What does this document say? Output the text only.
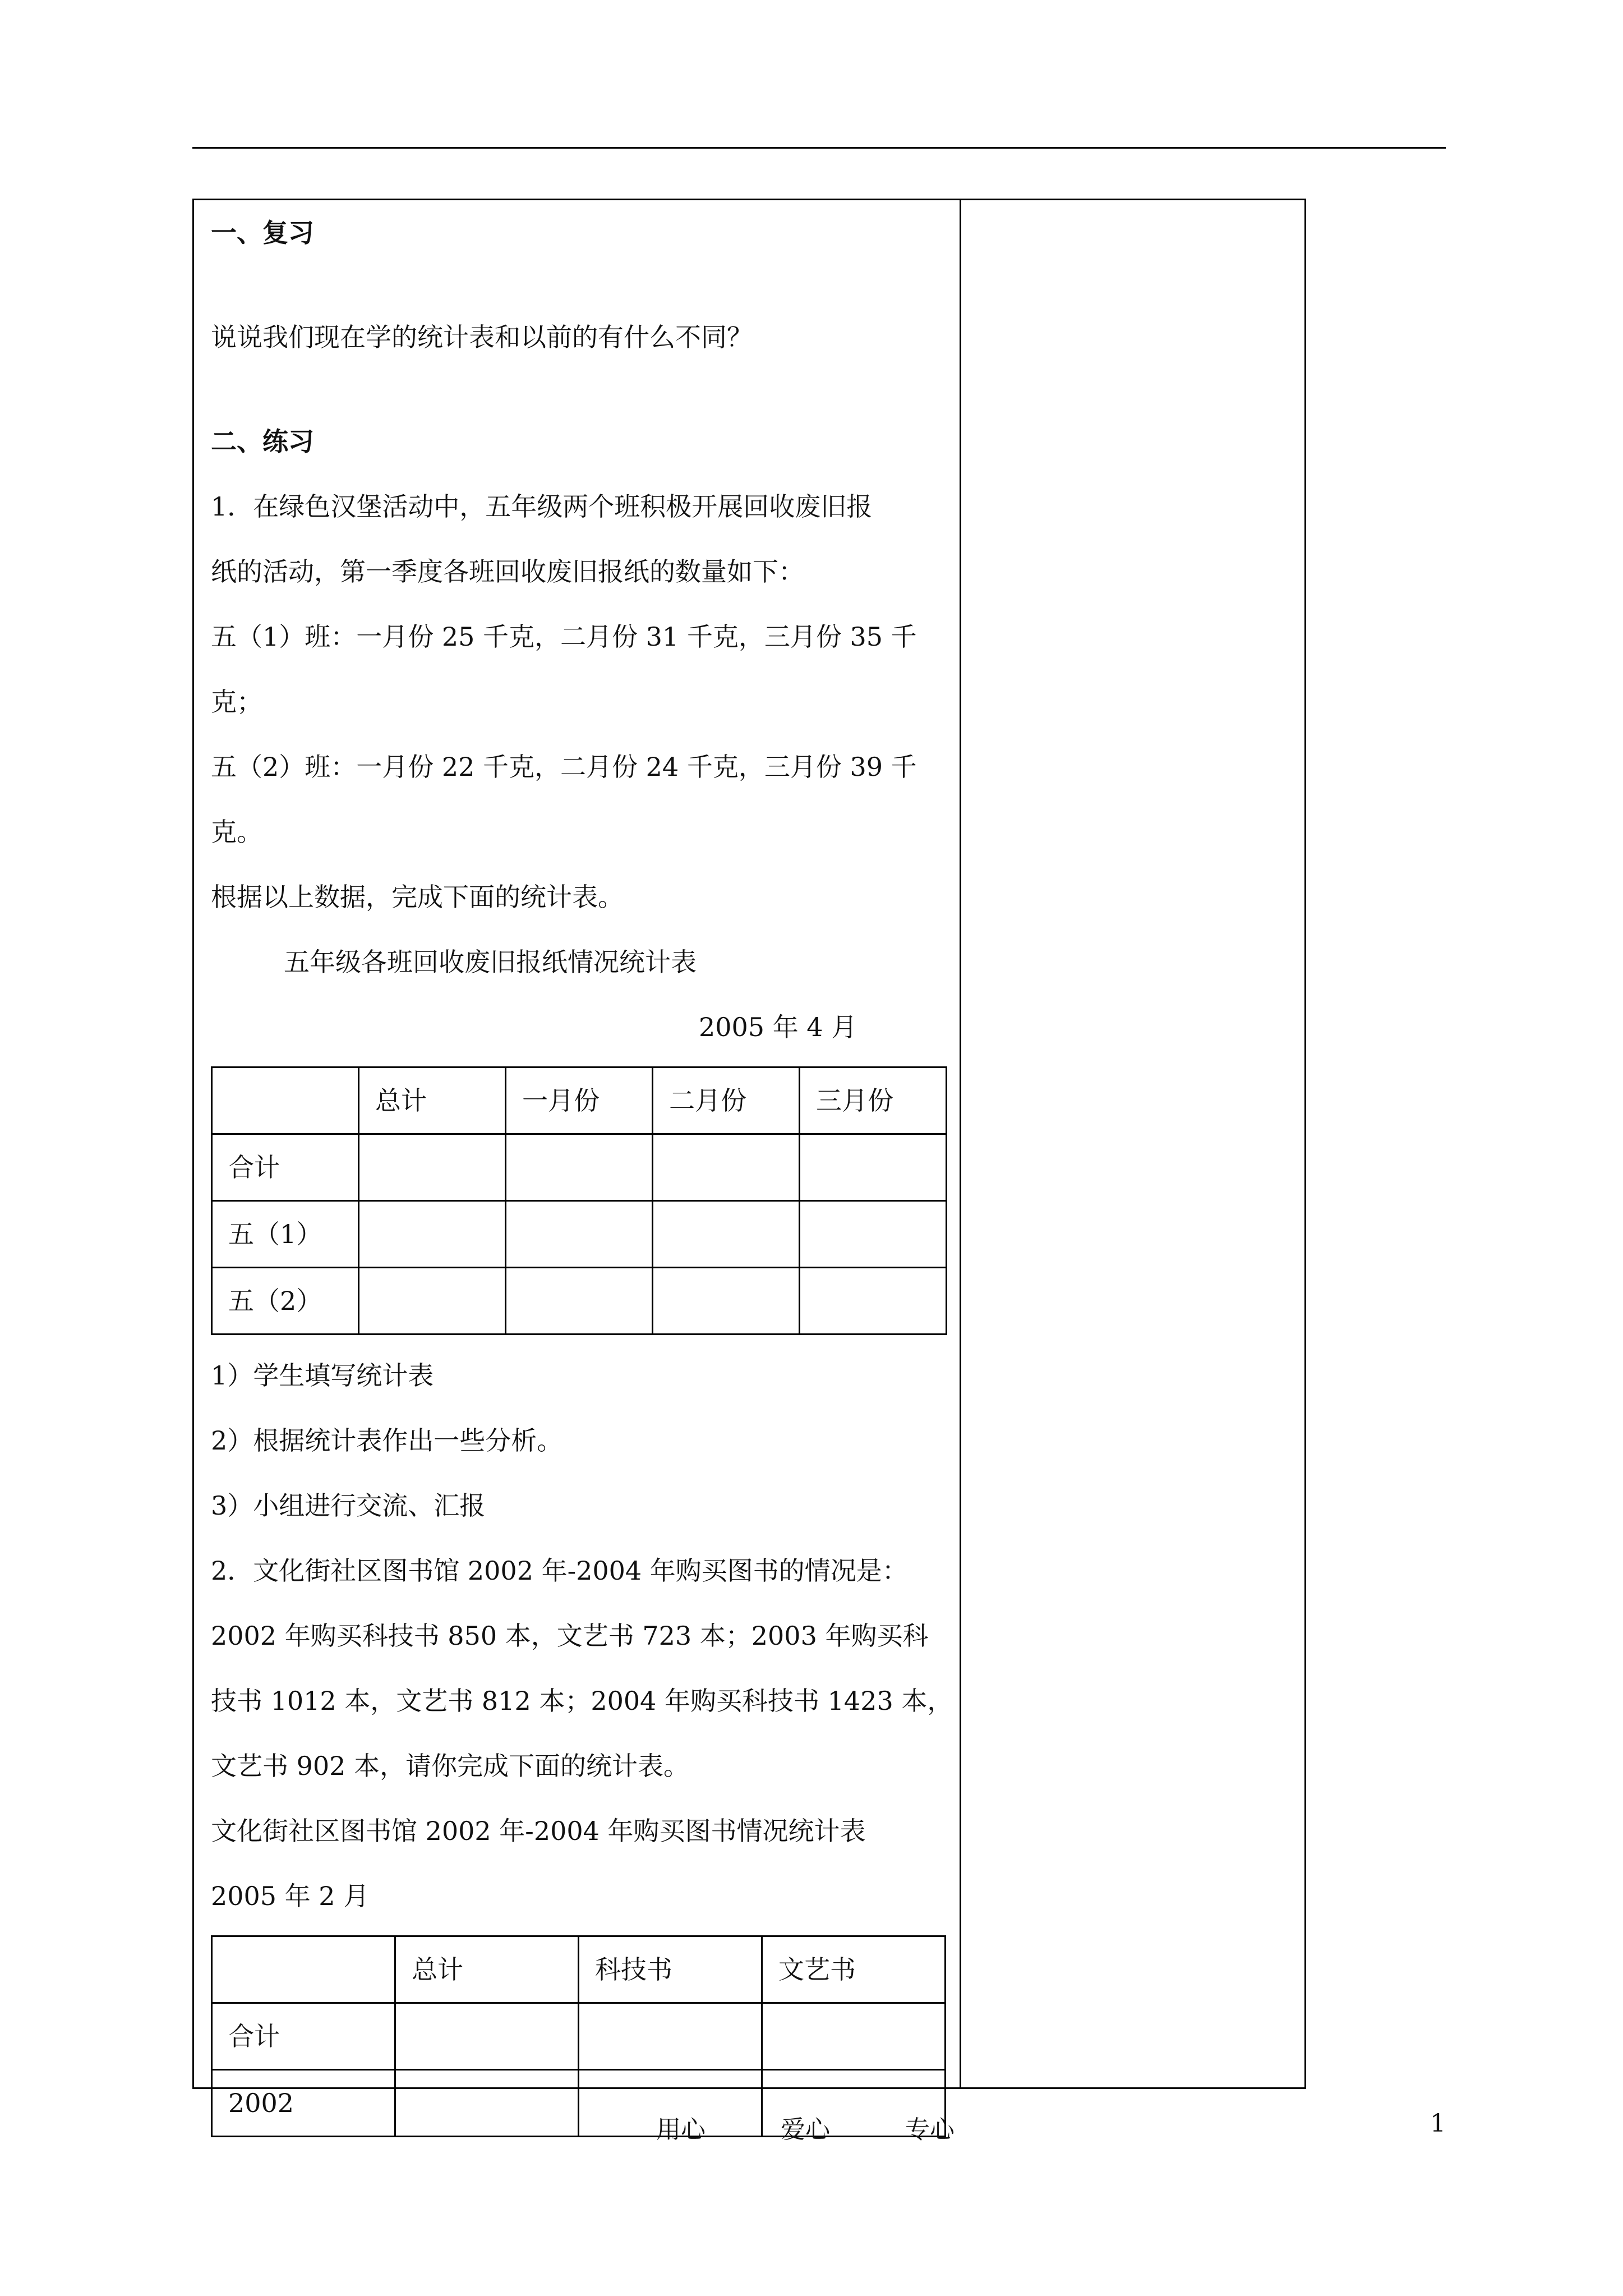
一、复习
说说我们现在学的统计表和以前的有什么不同？
二、练习
1．在绿色汉堡活动中，五年级两个班积极开展回收废旧报
纸的活动，第一季度各班回收废旧报纸的数量如下：
五（1）班：一月份 25 千克，二月份 31 千克，三月份 35 千
克；
五（2）班：一月份 22 千克，二月份 24 千克，三月份 39 千
克。
根据以上数据，完成下面的统计表。
五年级各班回收废旧报纸情况统计表
2005 年 4 月
	总计	一月份	二月份	三月份
合计				
五（1）				
五（2）				
1）学生填写统计表
2）根据统计表作出一些分析。
3）小组进行交流、汇报
2．文化街社区图书馆 2002 年-2004 年购买图书的情况是：
2002 年购买科技书 850 本，文艺书 723 本；2003 年购买科
技书 1012 本，文艺书 812 本；2004 年购买科技书 1423 本，
文艺书 902 本，请你完成下面的统计表。
文化街社区图书馆 2002 年-2004 年购买图书情况统计表
2005 年 2 月
	总计	科技书	文艺书
合计			
2002			
用心	爱心	专心	1
